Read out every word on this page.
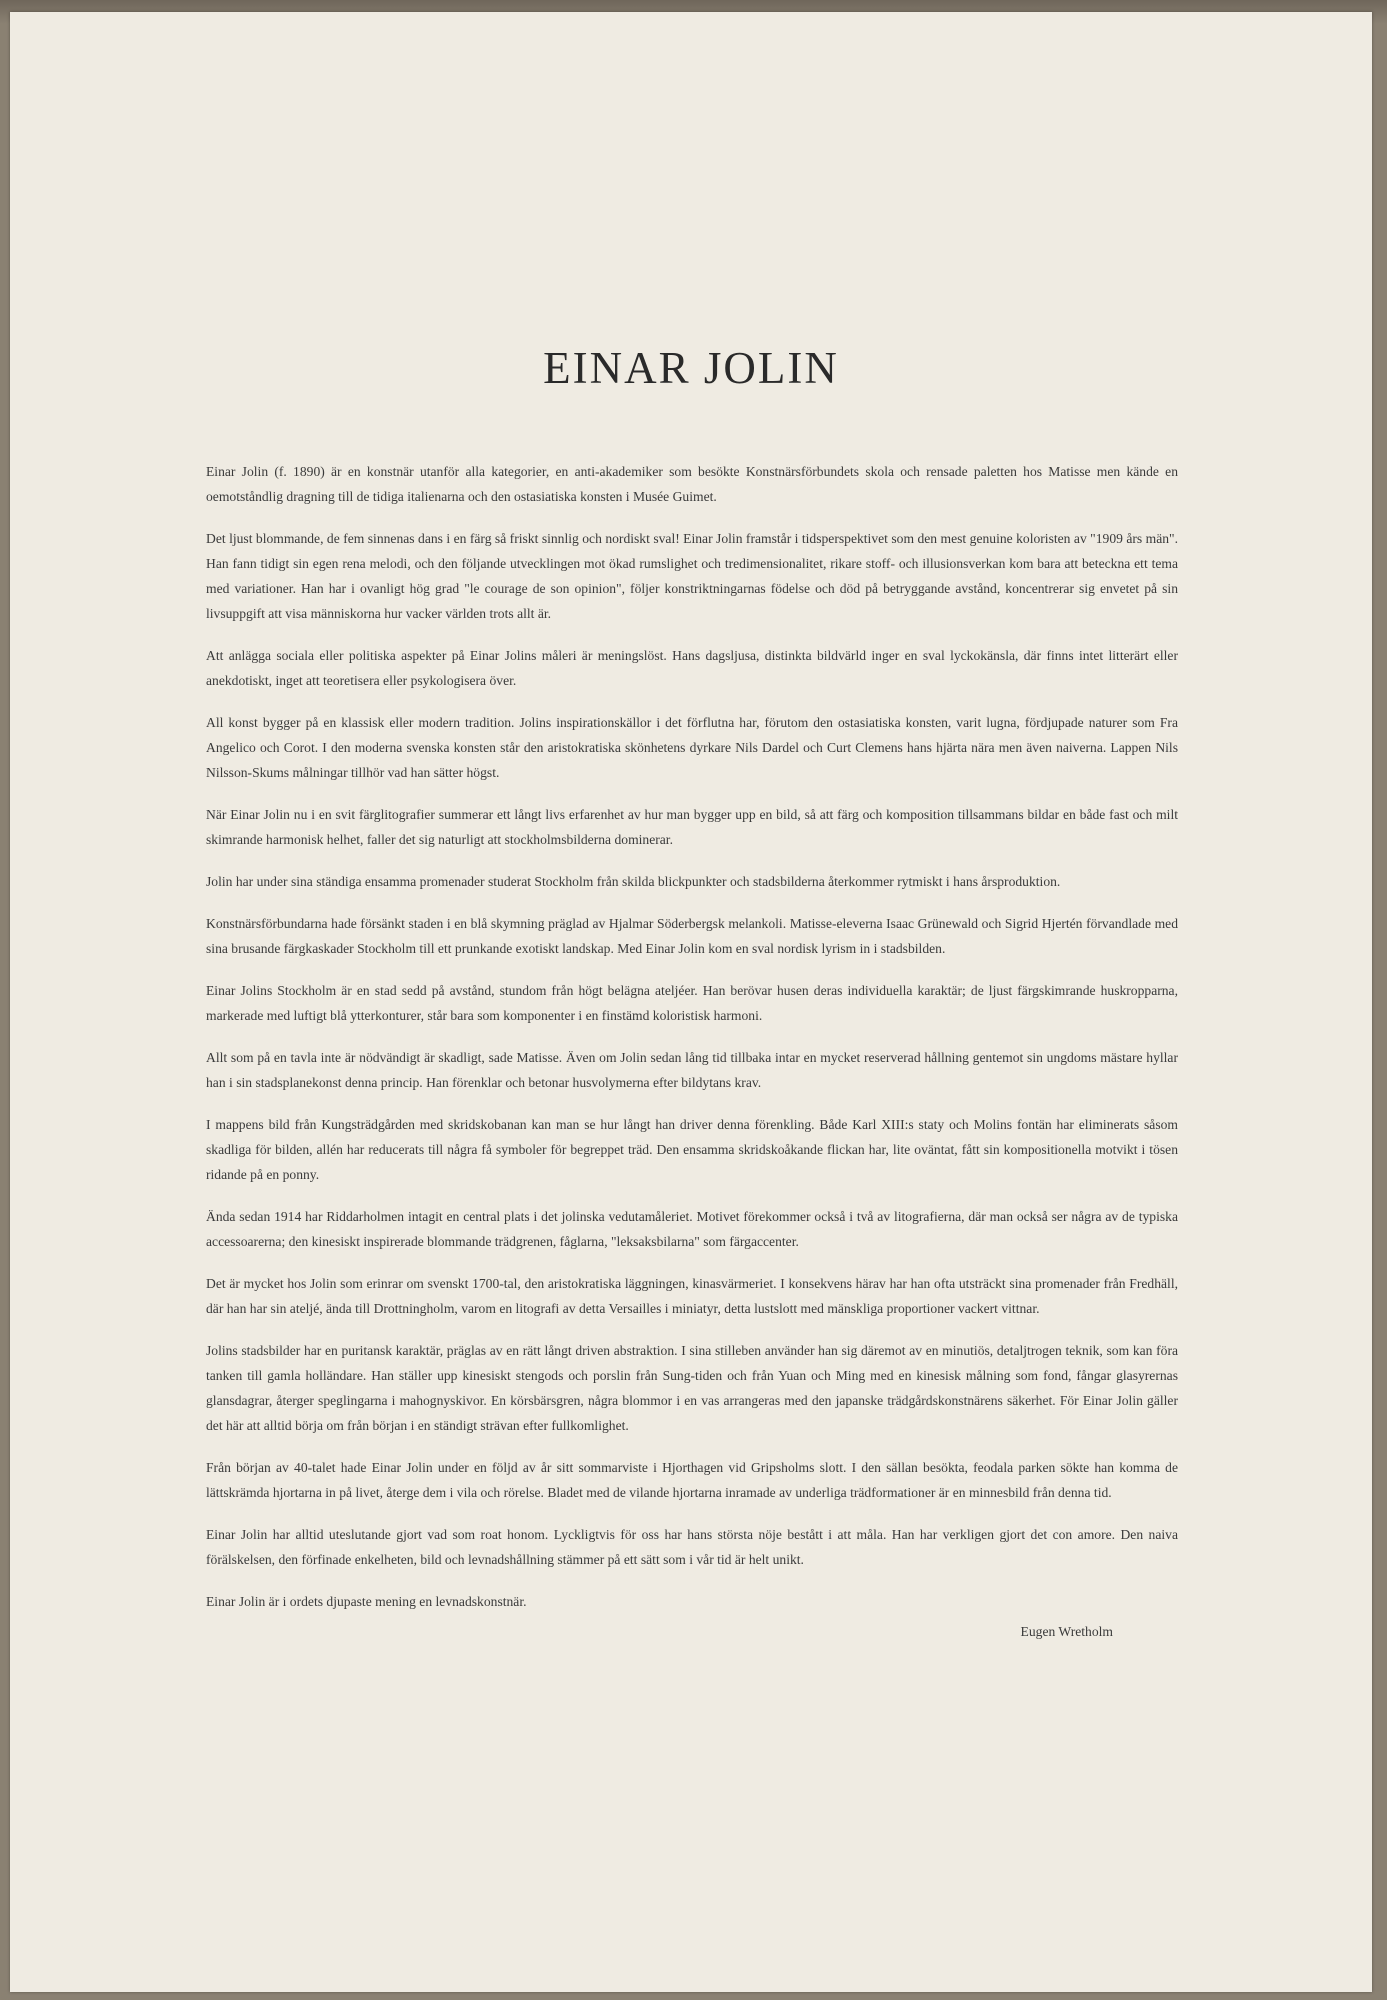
EINAR JOLIN

Einar Jolin (f. 1890) är en konstnär utanför alla kategorier, en anti-akademiker som besökte Konstnärsförbundets skola och rensade paletten hos Matisse men kände en oemotståndlig dragning till de tidiga italienarna och den ostasiatiska konsten i Musée Guimet.

Det ljust blommande, de fem sinnenas dans i en färg så friskt sinnlig och nordiskt sval! Einar Jolin framstår i tidsperspektivet som den mest genuine koloristen av "1909 års män". Han fann tidigt sin egen rena melodi, och den följande utvecklingen mot ökad rumslighet och tredimensionalitet, rikare stoff- och illusionsverkan kom bara att beteckna ett tema med variationer. Han har i ovanligt hög grad "le courage de son opinion", följer konstriktningarnas födelse och död på betryggande avstånd, koncentrerar sig envetet på sin livsuppgift att visa människorna hur vacker världen trots allt är.

Att anlägga sociala eller politiska aspekter på Einar Jolins måleri är meningslöst. Hans dagsljusa, distinkta bildvärld inger en sval lyckokänsla, där finns intet litterärt eller anekdotiskt, inget att teoretisera eller psykologisera över.

All konst bygger på en klassisk eller modern tradition. Jolins inspirationskällor i det förflutna har, förutom den ostasiatiska konsten, varit lugna, fördjupade naturer som Fra Angelico och Corot. I den moderna svenska konsten står den aristokratiska skönhetens dyrkare Nils Dardel och Curt Clemens hans hjärta nära men även naiverna. Lappen Nils Nilsson-Skums målningar tillhör vad han sätter högst.

När Einar Jolin nu i en svit färglitografier summerar ett långt livs erfarenhet av hur man bygger upp en bild, så att färg och komposition tillsammans bildar en både fast och milt skimrande harmonisk helhet, faller det sig naturligt att stockholmsbilderna dominerar.

Jolin har under sina ständiga ensamma promenader studerat Stockholm från skilda blickpunkter och stadsbilderna återkommer rytmiskt i hans årsproduktion.

Konstnärsförbundarna hade försänkt staden i en blå skymning präglad av Hjalmar Söderbergsk melankoli. Matisse-eleverna Isaac Grünewald och Sigrid Hjertén förvandlade med sina brusande färgkaskader Stockholm till ett prunkande exotiskt landskap. Med Einar Jolin kom en sval nordisk lyrism in i stadsbilden.

Einar Jolins Stockholm är en stad sedd på avstånd, stundom från högt belägna ateljéer. Han berövar husen deras individuella karaktär; de ljust färgskimrande huskropparna, markerade med luftigt blå ytterkonturer, står bara som komponenter i en finstämd koloristisk harmoni.

Allt som på en tavla inte är nödvändigt är skadligt, sade Matisse. Även om Jolin sedan lång tid tillbaka intar en mycket reserverad hållning gentemot sin ungdoms mästare hyllar han i sin stadsplanekonst denna princip. Han förenklar och betonar husvolymerna efter bildytans krav.

I mappens bild från Kungsträdgården med skridskobanan kan man se hur långt han driver denna förenkling. Både Karl XIII:s staty och Molins fontän har eliminerats såsom skadliga för bilden, allén har reducerats till några få symboler för begreppet träd. Den ensamma skridskoåkande flickan har, lite oväntat, fått sin kompositionella motvikt i tösen ridande på en ponny.

Ända sedan 1914 har Riddarholmen intagit en central plats i det jolinska vedutamåleriet. Motivet förekommer också i två av litografierna, där man också ser några av de typiska accessoarerna; den kinesiskt inspirerade blommande trädgrenen, fåglarna, "leksaksbilarna" som färgaccenter.

Det är mycket hos Jolin som erinrar om svenskt 1700-tal, den aristokratiska läggningen, kinasvärmeriet. I konsekvens härav har han ofta utsträckt sina promenader från Fredhäll, där han har sin ateljé, ända till Drottningholm, varom en litografi av detta Versailles i miniatyr, detta lustslott med mänskliga proportioner vackert vittnar.

Jolins stadsbilder har en puritansk karaktär, präglas av en rätt långt driven abstraktion. I sina stilleben använder han sig däremot av en minutiös, detaljtrogen teknik, som kan föra tanken till gamla holländare. Han ställer upp kinesiskt stengods och porslin från Sung-tiden och från Yuan och Ming med en kinesisk målning som fond, fångar glasyrernas glansdagrar, återger speglingarna i mahognyskivor. En körsbärsgren, några blommor i en vas arrangeras med den japanske trädgårdskonstnärens säkerhet. För Einar Jolin gäller det här att alltid börja om från början i en ständigt strävan efter fullkomlighet.

Från början av 40-talet hade Einar Jolin under en följd av år sitt sommarviste i Hjorthagen vid Gripsholms slott. I den sällan besökta, feodala parken sökte han komma de lättskrämda hjortarna in på livet, återge dem i vila och rörelse. Bladet med de vilande hjortarna inramade av underliga trädformationer är en minnesbild från denna tid.

Einar Jolin har alltid uteslutande gjort vad som roat honom. Lyckligtvis för oss har hans största nöje bestått i att måla. Han har verkligen gjort det con amore. Den naiva förälskelsen, den förfinade enkelheten, bild och levnadshållning stämmer på ett sätt som i vår tid är helt unikt.

Einar Jolin är i ordets djupaste mening en levnadskonstnär.

Eugen Wretholm
